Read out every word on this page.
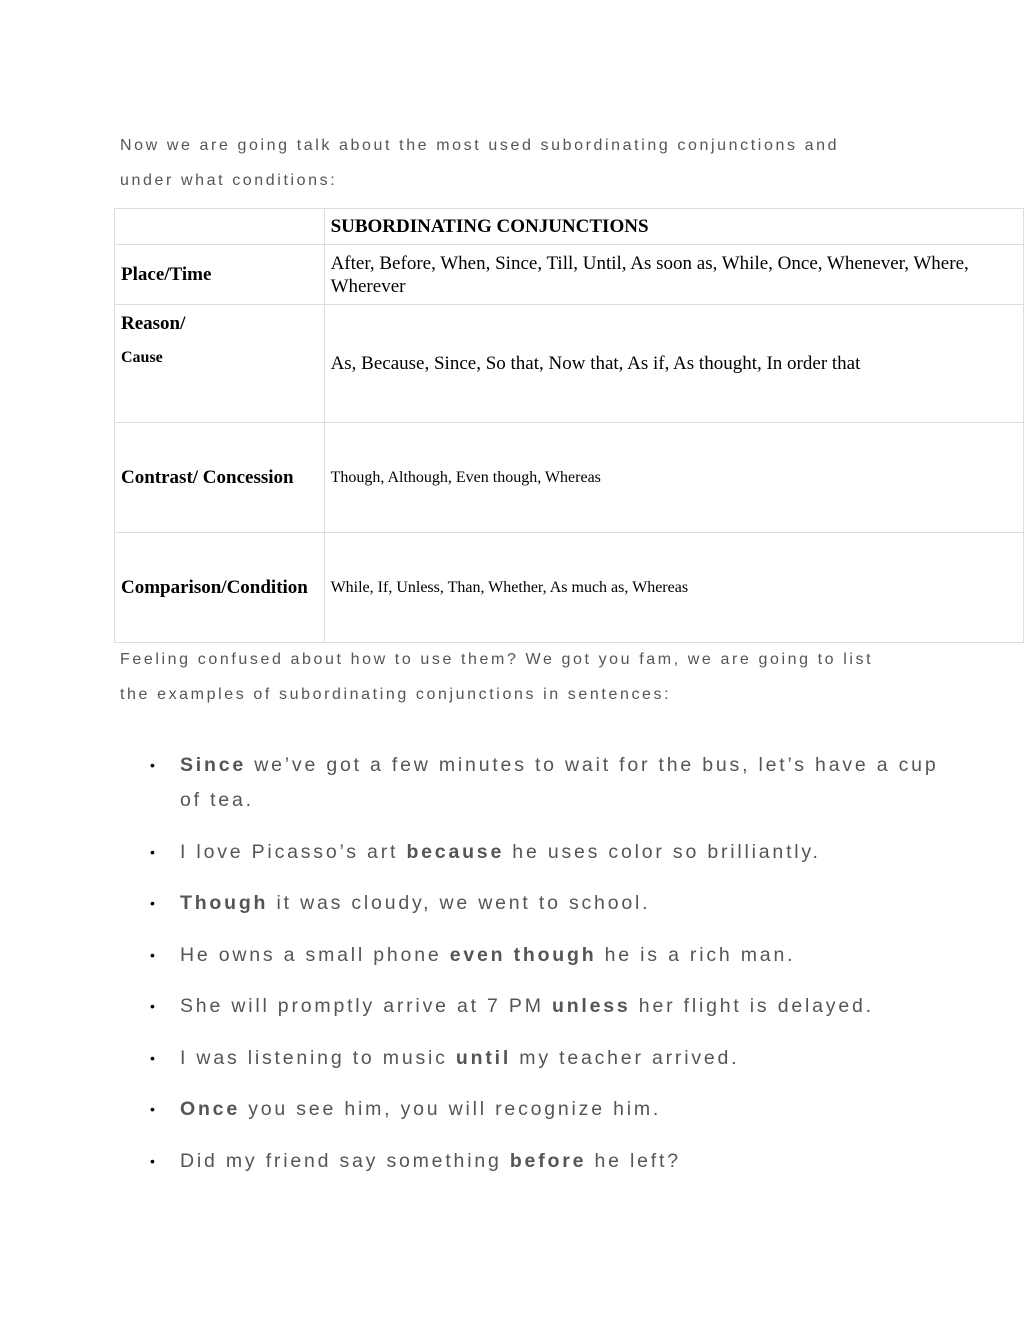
Now we are going talk about the most used subordinating conjunctions and
under what conditions:

	SUBORDINATING CONJUNCTIONS
Place/Time	After, Before, When, Since, Till, Until, As soon as, While, Once, Whenever, Where, Wherever

Reason/
Cause	As, Because, Since, So that, Now that, As if, As thought, In order that
Contrast/ Concession	Though, Although, Even though, Whereas
Comparison/Condition	While, If, Unless, Than, Whether, As much as, Whereas

Feeling confused about how to use them? We got you fam, we are going to list
the examples of subordinating conjunctions in sentences:

• Since we’ve got a few minutes to wait for the bus, let’s have a cup of tea.
• I love Picasso’s art because he uses color so brilliantly.
• Though it was cloudy, we went to school.
• He owns a small phone even though he is a rich man.
• She will promptly arrive at 7 PM unless her flight is delayed.
• I was listening to music until my teacher arrived.
• Once you see him, you will recognize him.
• Did my friend say something before he left?
